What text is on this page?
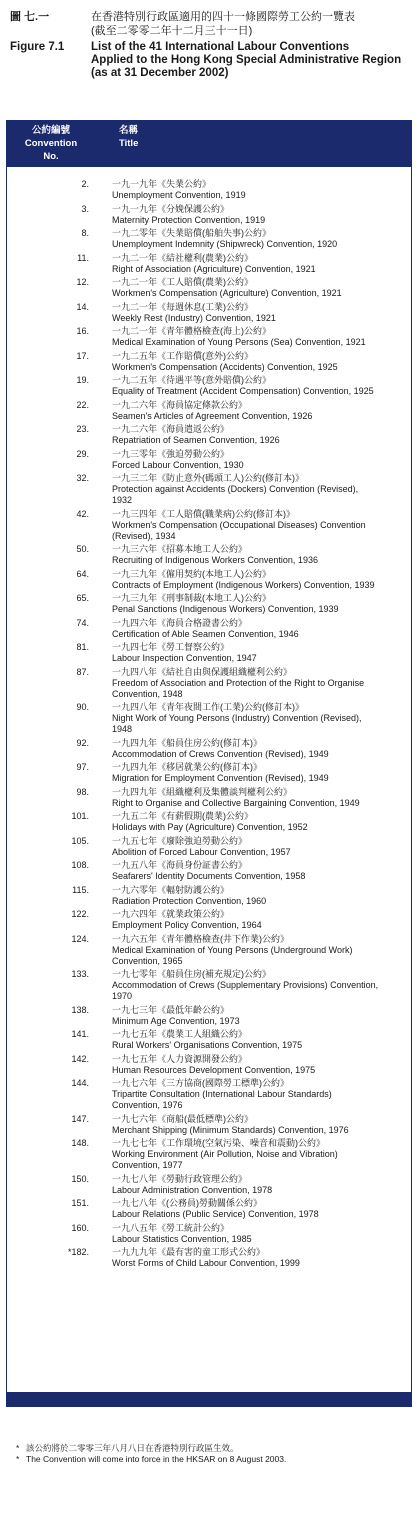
圖 七.一	在香港特別行政區適用的四十一條國際勞工公約一覽表
(截至二零零二年十二月三十一日)
Figure 7.1	List of the 41 International Labour Conventions
Applied to the Hong Kong Special Administrative Region
(as at 31 December 2002)
公約編號
Convention
No.
名稱
Title
2.	一九一九年《失業公約》
Unemployment Convention, 1919
3.	一九一九年《分娩保護公約》
Maternity Protection Convention, 1919
8.	一九二零年《失業賠償(船舶失事)公約》
Unemployment Indemnity (Shipwreck) Convention, 1920
11.	一九二一年《結社權利(農業)公約》
Right of Association (Agriculture) Convention, 1921
12.	一九二一年《工人賠償(農業)公約》
Workmen's Compensation (Agriculture) Convention, 1921
14.	一九二一年《每週休息(工業)公約》
Weekly Rest (Industry) Convention, 1921
16.	一九二一年《青年體格檢查(海上)公約》
Medical Examination of Young Persons (Sea) Convention, 1921
17.	一九二五年《工作賠償(意外)公約》
Workmen's Compensation (Accidents) Convention, 1925
19.	一九二五年《待遇平等(意外賠償)公約》
Equality of Treatment (Accident Compensation) Convention, 1925
22.	一九二六年《海員協定條款公約》
Seamen's Articles of Agreement Convention, 1926
23.	一九二六年《海員遣返公約》
Repatriation of Seamen Convention, 1926
29.	一九三零年《強迫勞動公約》
Forced Labour Convention, 1930
32.	一九三二年《防止意外(碼頭工人)公約(修訂本)》
Protection against Accidents (Dockers) Convention (Revised),
1932
42.	一九三四年《工人賠償(職業病)公約(修訂本)》
Workmen's Compensation (Occupational Diseases) Convention
(Revised), 1934
50.	一九三六年《招募本地工人公約》
Recruiting of Indigenous Workers Convention, 1936
64.	一九三九年《僱用契約(本地工人)公約》
Contracts of Employment (Indigenous Workers) Convention, 1939
65.	一九三九年《刑事制裁(本地工人)公約》
Penal Sanctions (Indigenous Workers) Convention, 1939
74.	一九四六年《海員合格證書公約》
Certification of Able Seamen Convention, 1946
81.	一九四七年《勞工督察公約》
Labour Inspection Convention, 1947
87.	一九四八年《結社自由與保護組織權利公約》
Freedom of Association and Protection of the Right to Organise
Convention, 1948
90.	一九四八年《青年夜間工作(工業)公約(修訂本)》
Night Work of Young Persons (Industry) Convention (Revised),
1948
92.	一九四九年《船員住房公約(修訂本)》
Accommodation of Crews Convention (Revised), 1949
97.	一九四九年《移居就業公約(修訂本)》
Migration for Employment Convention (Revised), 1949
98.	一九四九年《組織權利及集體談判權利公約》
Right to Organise and Collective Bargaining Convention, 1949
101.	一九五二年《有薪假期(農業)公約》
Holidays with Pay (Agriculture) Convention, 1952
105.	一九五七年《廢除強迫勞動公約》
Abolition of Forced Labour Convention, 1957
108.	一九五八年《海員身份証書公約》
Seafarers' Identity Documents Convention, 1958
115.	一九六零年《輻射防護公約》
Radiation Protection Convention, 1960
122.	一九六四年《就業政策公約》
Employment Policy Convention, 1964
124.	一九六五年《青年體格檢查(井下作業)公約》
Medical Examination of Young Persons (Underground Work)
Convention, 1965
133.	一九七零年《船員住房(補充規定)公約》
Accommodation of Crews (Supplementary Provisions) Convention,
1970
138.	一九七三年《最低年齡公約》
Minimum Age Convention, 1973
141.	一九七五年《農業工人組織公約》
Rural Workers' Organisations Convention, 1975
142.	一九七五年《人力資源開發公約》
Human Resources Development Convention, 1975
144.	一九七六年《三方協商(國際勞工標準)公約》
Tripartite Consultation (International Labour Standards)
Convention, 1976
147.	一九七六年《商船(最低標準)公約》
Merchant Shipping (Minimum Standards) Convention, 1976
148.	一九七七年《工作環境(空氣污染、噪音和震動)公約》
Working Environment (Air Pollution, Noise and Vibration)
Convention, 1977
150.	一九七八年《勞動行政管理公約》
Labour Administration Convention, 1978
151.	一九七八年《(公務員)勞動關係公約》
Labour Relations (Public Service) Convention, 1978
160.	一九八五年《勞工統計公約》
Labour Statistics Convention, 1985
*182.	一九九九年《最有害的童工形式公約》
Worst Forms of Child Labour Convention, 1999
* 該公約將於二零零三年八月八日在香港特別行政區生效。
* The Convention will come into force in the HKSAR on 8 August 2003.
